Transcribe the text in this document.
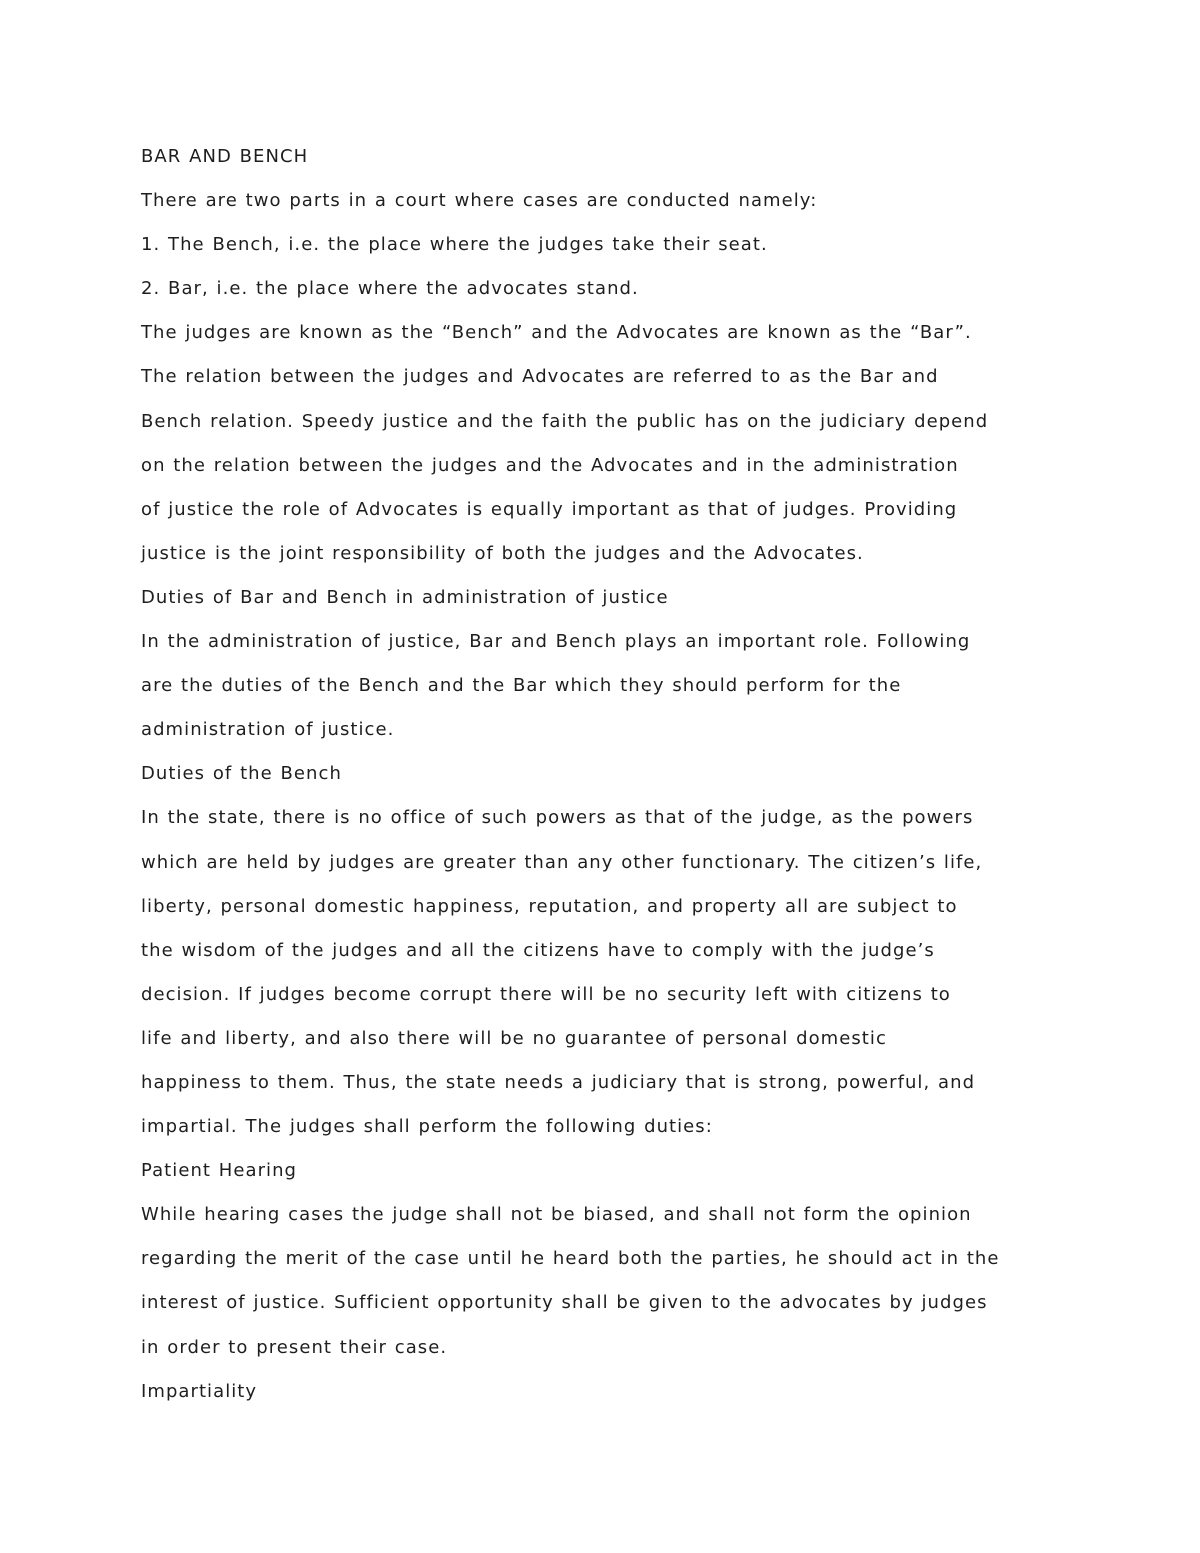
BAR AND BENCH

There are two parts in a court where cases are conducted namely:

1. The Bench, i.e. the place where the judges take their seat.

2. Bar, i.e. the place where the advocates stand.

The judges are known as the “Bench” and the Advocates are known as the “Bar”.

The relation between the judges and Advocates are referred to as the Bar and

Bench relation. Speedy justice and the faith the public has on the judiciary depend

on the relation between the judges and the Advocates and in the administration

of justice the role of Advocates is equally important as that of judges. Providing

justice is the joint responsibility of both the judges and the Advocates.

Duties of Bar and Bench in administration of justice

In the administration of justice, Bar and Bench plays an important role. Following

are the duties of the Bench and the Bar which they should perform for the

administration of justice.

Duties of the Bench

In the state, there is no office of such powers as that of the judge, as the powers

which are held by judges are greater than any other functionary. The citizen’s life,

liberty, personal domestic happiness, reputation, and property all are subject to

the wisdom of the judges and all the citizens have to comply with the judge’s

decision. If judges become corrupt there will be no security left with citizens to

life and liberty, and also there will be no guarantee of personal domestic

happiness to them. Thus, the state needs a judiciary that is strong, powerful, and

impartial. The judges shall perform the following duties:

Patient Hearing

While hearing cases the judge shall not be biased, and shall not form the opinion

regarding the merit of the case until he heard both the parties, he should act in the

interest of justice. Sufficient opportunity shall be given to the advocates by judges

in order to present their case.

Impartiality
